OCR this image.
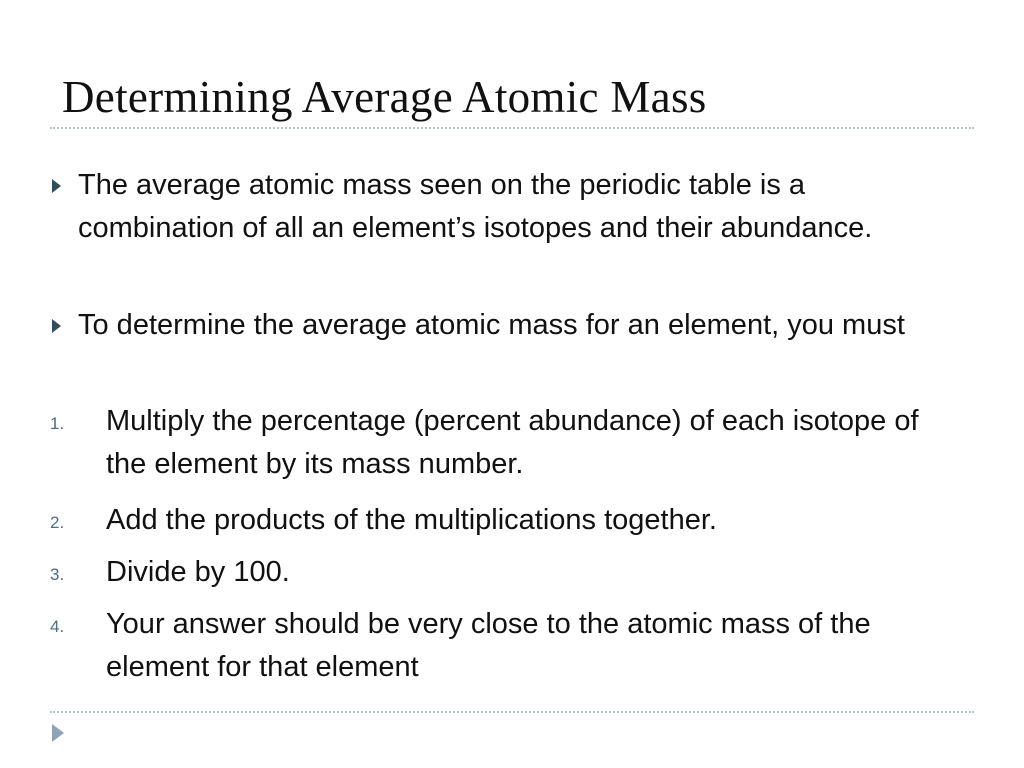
Determining Average Atomic Mass

The average atomic mass seen on the periodic table is a combination of all an element’s isotopes and their abundance.

To determine the average atomic mass for an element, you must

1. Multiply the percentage (percent abundance) of each isotope of the element by its mass number.

2. Add the products of the multiplications together.

3. Divide by 100.

4. Your answer should be very close to the atomic mass of the element for that element
